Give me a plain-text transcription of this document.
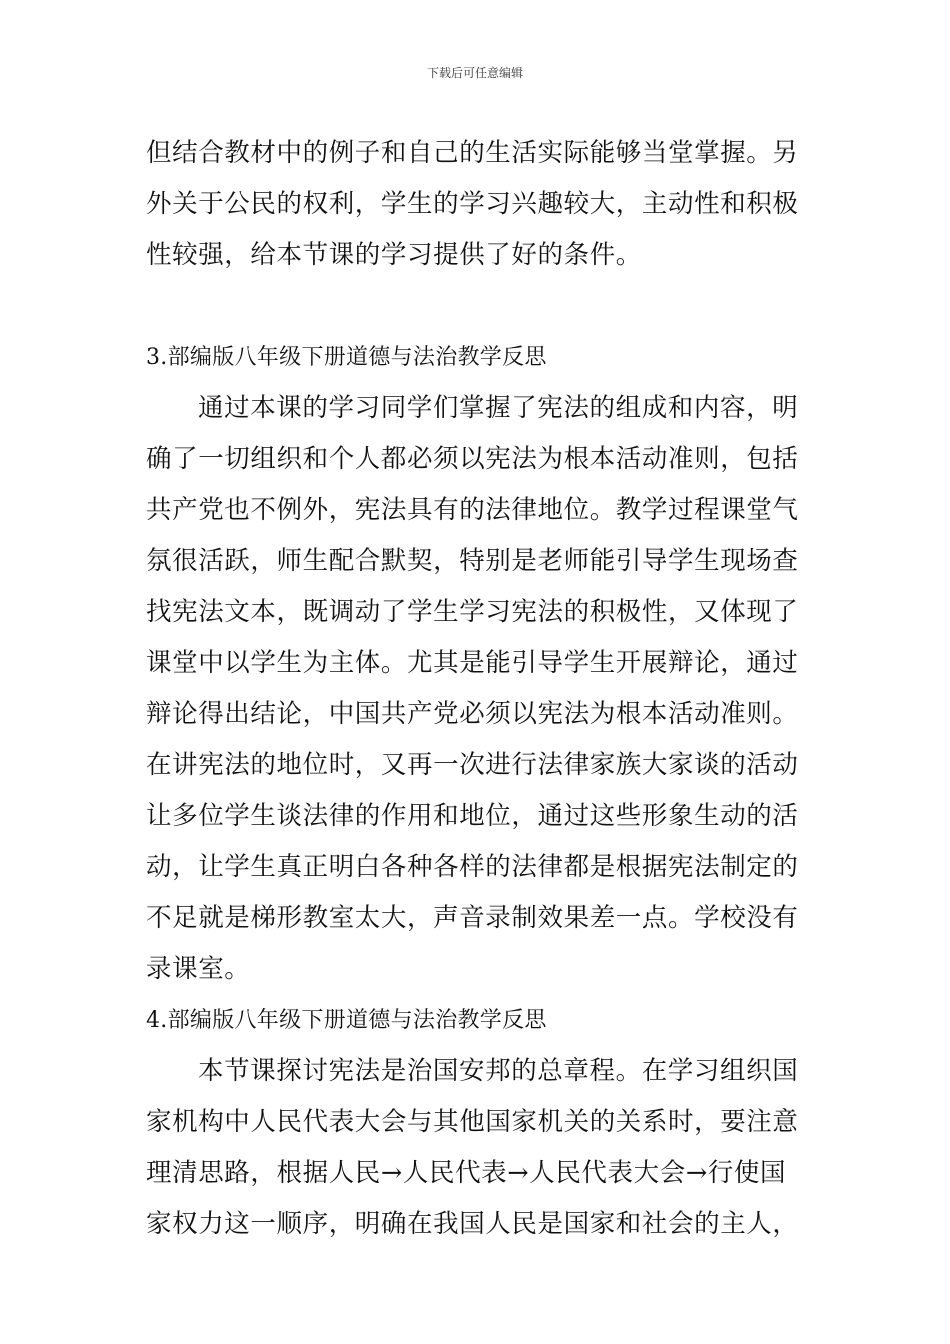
下载后可任意编辑
但结合教材中的例子和自己的生活实际能够当堂掌握。另
外关于公民的权利，学生的学习兴趣较大，主动性和积极
性较强，给本节课的学习提供了好的条件。
3.部编版八年级下册道德与法治教学反思
通过本课的学习同学们掌握了宪法的组成和内容，明
确了一切组织和个人都必须以宪法为根本活动准则，包括
共产党也不例外，宪法具有的法律地位。教学过程课堂气
氛很活跃，师生配合默契，特别是老师能引导学生现场查
找宪法文本，既调动了学生学习宪法的积极性，又体现了
课堂中以学生为主体。尤其是能引导学生开展辩论，通过
辩论得出结论，中国共产党必须以宪法为根本活动准则。
在讲宪法的地位时，又再一次进行法律家族大家谈的活动
让多位学生谈法律的作用和地位，通过这些形象生动的活
动，让学生真正明白各种各样的法律都是根据宪法制定的
不足就是梯形教室太大，声音录制效果差一点。学校没有
录课室。
4.部编版八年级下册道德与法治教学反思
本节课探讨宪法是治国安邦的总章程。在学习组织国
家机构中人民代表大会与其他国家机关的关系时，要注意
理清思路，根据人民→人民代表→人民代表大会→行使国
家权力这一顺序，明确在我国人民是国家和社会的主人，
